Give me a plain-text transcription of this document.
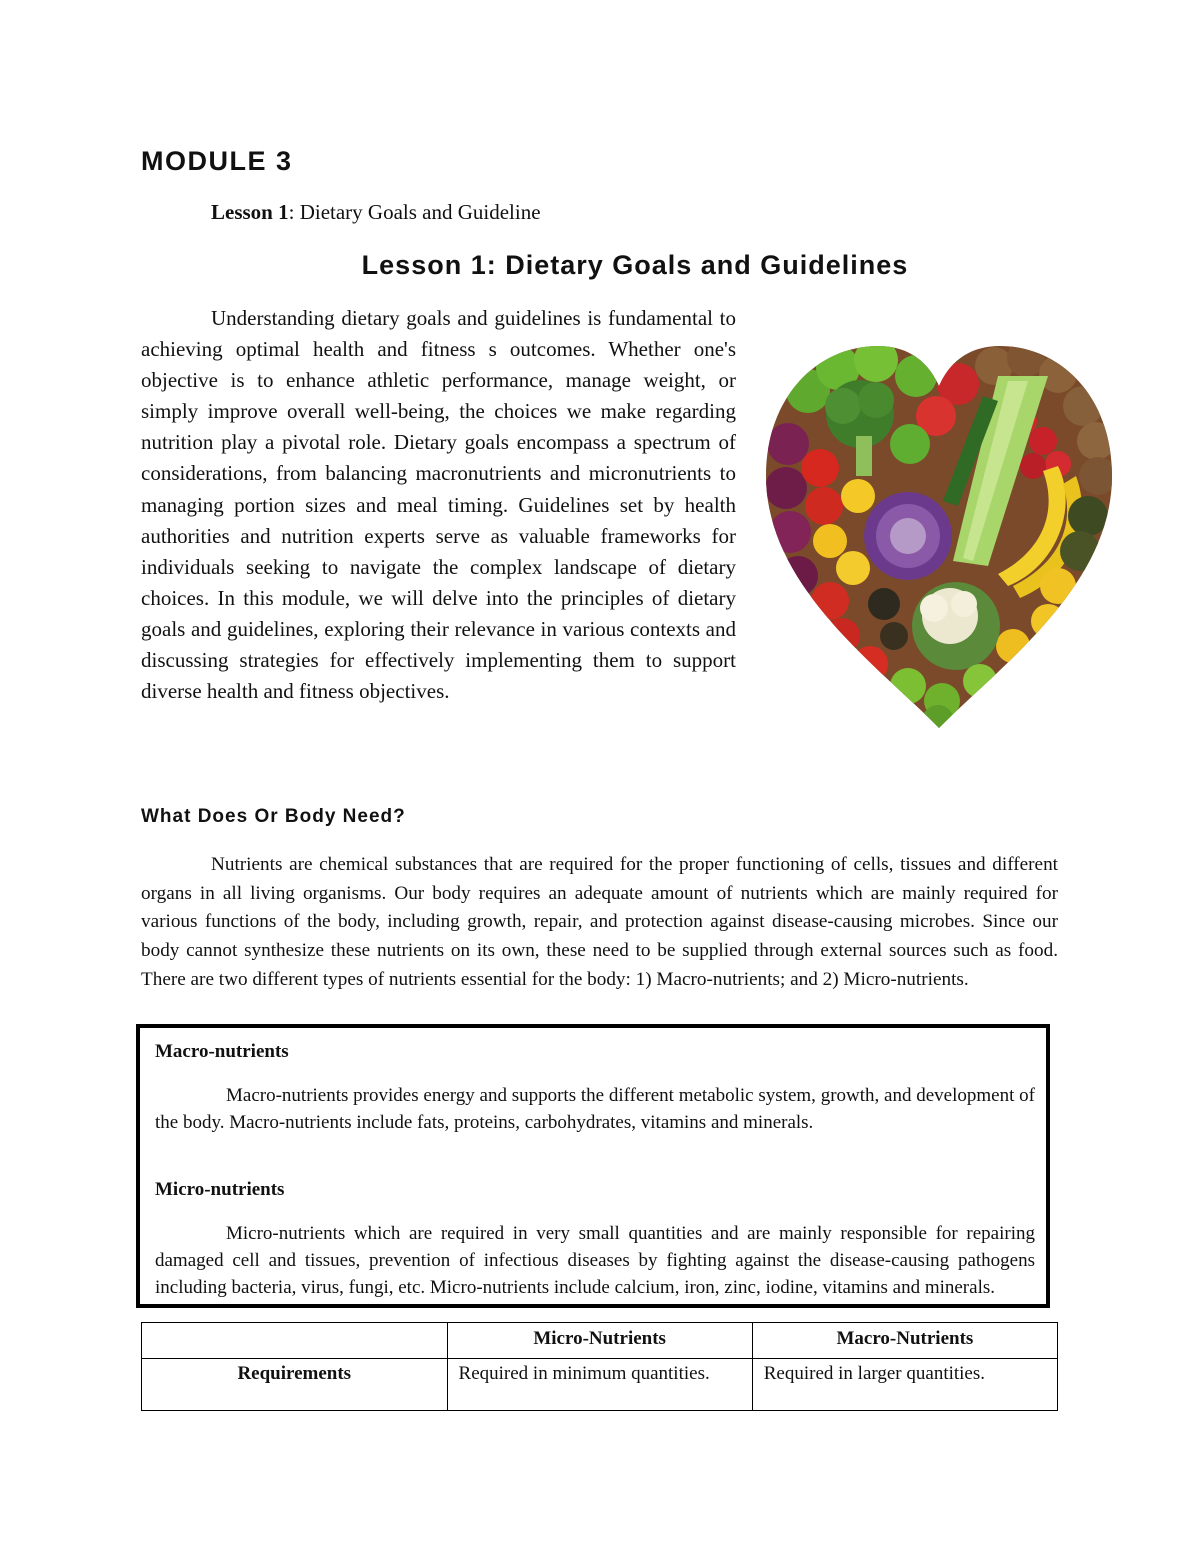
MODULE 3

Lesson 1: Dietary Goals and Guideline

Lesson 1: Dietary Goals and Guidelines

Understanding dietary goals and guidelines is fundamental to achieving optimal health and fitness s outcomes. Whether one's objective is to enhance athletic performance, manage weight, or simply improve overall well-being, the choices we make regarding nutrition play a pivotal role. Dietary goals encompass a spectrum of considerations, from balancing macronutrients and micronutrients to managing portion sizes and meal timing. Guidelines set by health authorities and nutrition experts serve as valuable frameworks for individuals seeking to navigate the complex landscape of dietary choices. In this module, we will delve into the principles of dietary goals and guidelines, exploring their relevance in various contexts and discussing strategies for effectively implementing them to support diverse health and fitness objectives.

What Does Or Body Need?

Nutrients are chemical substances that are required for the proper functioning of cells, tissues and different organs in all living organisms. Our body requires an adequate amount of nutrients which are mainly required for various functions of the body, including growth, repair, and protection against disease-causing microbes. Since our body cannot synthesize these nutrients on its own, these need to be supplied through external sources such as food. There are two different types of nutrients essential for the body: 1) Macro-nutrients; and 2) Micro-nutrients.

Macro-nutrients

Macro-nutrients provides energy and supports the different metabolic system, growth, and development of the body. Macro-nutrients include fats, proteins, carbohydrates, vitamins and minerals.

Micro-nutrients

Micro-nutrients which are required in very small quantities and are mainly responsible for repairing damaged cell and tissues, prevention of infectious diseases by fighting against the disease-causing pathogens including bacteria, virus, fungi, etc. Micro-nutrients include calcium, iron, zinc, iodine, vitamins and minerals.

	Micro-Nutrients	Macro-Nutrients
Requirements	Required in minimum quantities.	Required in larger quantities.
